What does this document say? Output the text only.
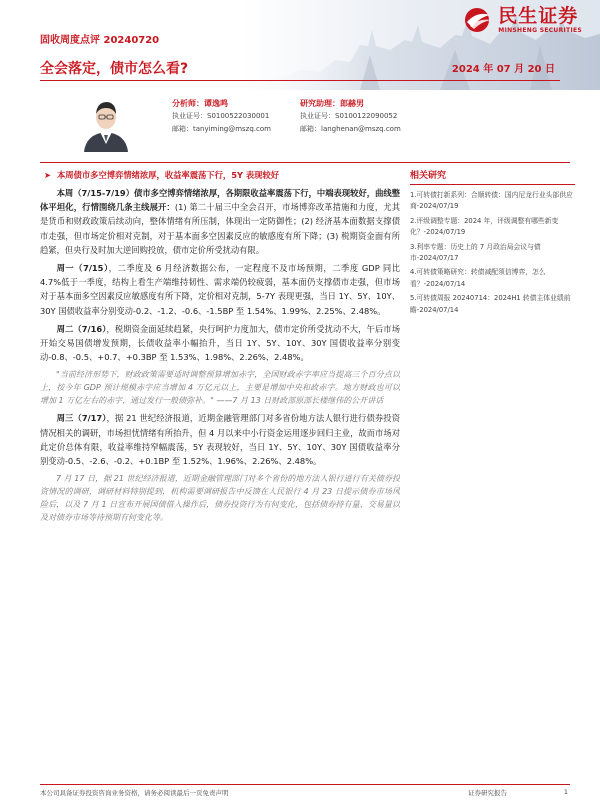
民生证券
MINSHENG SECURITIES
固收周度点评 20240720
全会落定，债市怎么看?	2024 年 07 月 20 日
分析师：谭逸鸣
执业证号：S0100522030001
邮箱：tanyiming@mszq.com
研究助理：郎赫男
执业证号：S0100122090052
邮箱：langhenan@mszq.com
➤ 本周债市多空博弈情绪浓厚，收益率震荡下行，5Y 表现较好

本周（7/15-7/19）债市多空博弈情绪浓厚，各期限收益率震荡下行，中端表现较好，曲线整体平坦化，行情围绕几条主线展开：(1) 第二十届三中全会召开，市场博弈改革措施和力度，尤其是货币和财政政策后续动向，整体情绪有所压制，体现出一定防御性；(2) 经济基本面数据支撑债市走强，但市场定价相对克制，对于基本面多空因素反应的敏感度有所下降；(3) 税期资金面有所趋紧，但央行及时加大逆回购投放，债市定价所受扰动有限。

周一（7/15），二季度及 6 月经济数据公布，一定程度不及市场预期，二季度 GDP 同比 4.7%低于一季度，结构上看生产端维持韧性、需求端仍较疲弱，基本面仍支撑债市走强，但市场对于基本面多空因素反应敏感度有所下降，定价相对克制，5-7Y 表现更强，当日 1Y、5Y、10Y、30Y 国债收益率分别变动-0.2、-1.2、-0.6、-1.5BP 至 1.54%、1.99%、2.25%、2.48%。

周二（7/16），税期资金面延续趋紧，央行呵护力度加大，债市定价所受扰动不大，午后市场开始交易国债增发预期，长债收益率小幅抬升，当日 1Y、5Y、10Y、30Y 国债收益率分别变动-0.8、-0.5、+0.7、+0.3BP 至 1.53%、1.98%、2.26%、2.48%。

"当前经济形势下，财政政策需要适时调整预算增加赤字，全国财政赤字率应当提高三个百分点以上，按今年 GDP 预计规模赤字应当增加 4 万亿元以上，主要是增加中央和政赤字。地方财政也可以增加 1 万亿左右的赤字，通过发行一般债弥补。" ——7 月 13 日财政部原部长楼继伟的公开讲话

周三（7/17），据 21 世纪经济报道，近期金融管理部门对多省份地方法人银行进行债券投资情况相关的调研，市场担忧情绪有所抬升，但 4 月以来中小行资金运用逐步回归主业，故而市场对此定价总体有限，收益率维持窄幅震荡，5Y 表现较好，当日 1Y、5Y、10Y、30Y 国债收益率分别变动-0.5、-2.6、-0.2、+0.1BP 至 1.52%、1.96%、2.26%、2.48%。

7 月 17 日，据 21 世纪经济报道，近期金融管理部门对多个省份的地方法人银行进行有关债券投资情况的调研，调研材料特别提到，机构需要调研报告中反馈在人民银行 4 月 23 日提示债券市场风险后，以及 7 月 1 日宣布开展国债借入操作后，债券投资行为有何变化，包括债券持有量、交易量以及对债券市场等待预期有何变化等。

相关研究
1.可转债打新系列：合顺转债：国内尼龙行业头部供应商-2024/07/19
2.评级调整专题：2024 年，评级调整有哪些新变化？-2024/07/19
3.利率专题：历史上的 7 月政治局会议与债市-2024/07/17
4.可转债策略研究：转债减配须信博弈，怎么看？-2024/07/14
5.可转债周报 20240714：2024H1 转债主体业绩前瞻-2024/07/14
本公司具备证券投资咨询业务资格，请务必阅读最后一页免责声明	证券研究报告	1
